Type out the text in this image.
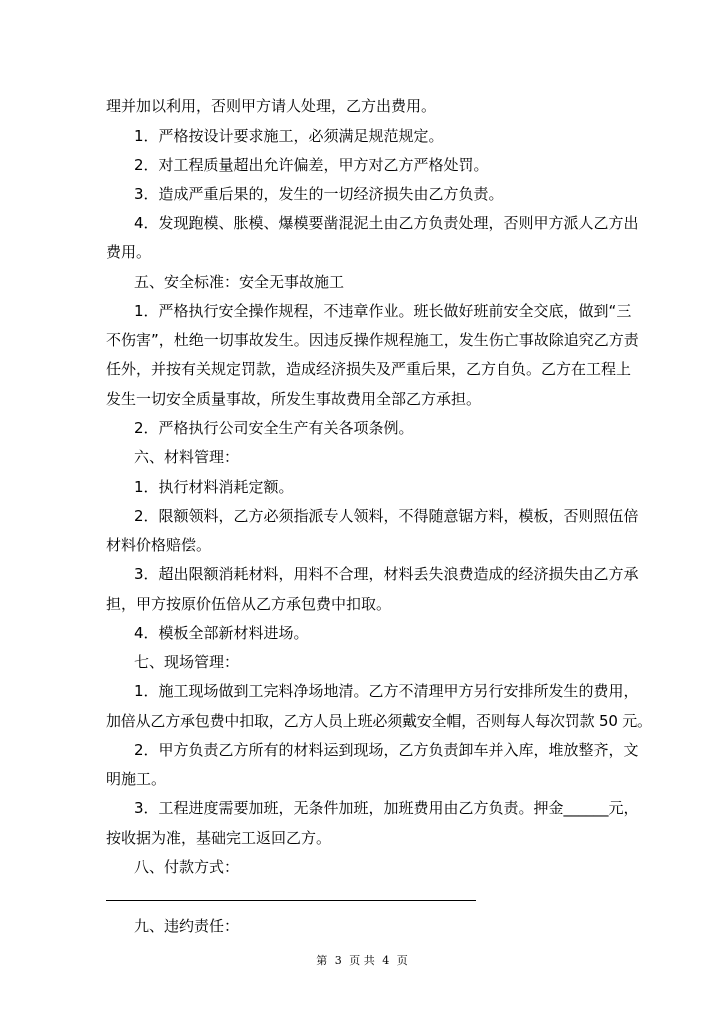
理并加以利用，否则甲方请人处理，乙方出费用。
1．严格按设计要求施工，必须满足规范规定。
2．对工程质量超出允许偏差，甲方对乙方严格处罚。
3．造成严重后果的，发生的一切经济损失由乙方负责。
4．发现跑模、胀模、爆模要凿混泥土由乙方负责处理，否则甲方派人乙方出
费用。
五、安全标准：安全无事故施工
1．严格执行安全操作规程，不违章作业。班长做好班前安全交底，做到“三
不伤害”，杜绝一切事故发生。因违反操作规程施工，发生伤亡事故除追究乙方责
任外，并按有关规定罚款，造成经济损失及严重后果，乙方自负。乙方在工程上
发生一切安全质量事故，所发生事故费用全部乙方承担。
2．严格执行公司安全生产有关各项条例。
六、材料管理：
1．执行材料消耗定额。
2．限额领料，乙方必须指派专人领料，不得随意锯方料，模板，否则照伍倍
材料价格赔偿。
3．超出限额消耗材料，用料不合理，材料丢失浪费造成的经济损失由乙方承
担，甲方按原价伍倍从乙方承包费中扣取。
4．模板全部新材料进场。
七、现场管理：
1．施工现场做到工完料净场地清。乙方不清理甲方另行安排所发生的费用，
加倍从乙方承包费中扣取，乙方人员上班必须戴安全帽，否则每人每次罚款 50 元。
2．甲方负责乙方所有的材料运到现场，乙方负责卸车并入库，堆放整齐，文
明施工。
3．工程进度需要加班，无条件加班，加班费用由乙方负责。押金______元，
按收据为准，基础完工返回乙方。
八、付款方式：
九、违约责任：
第 3 页 共 4 页
